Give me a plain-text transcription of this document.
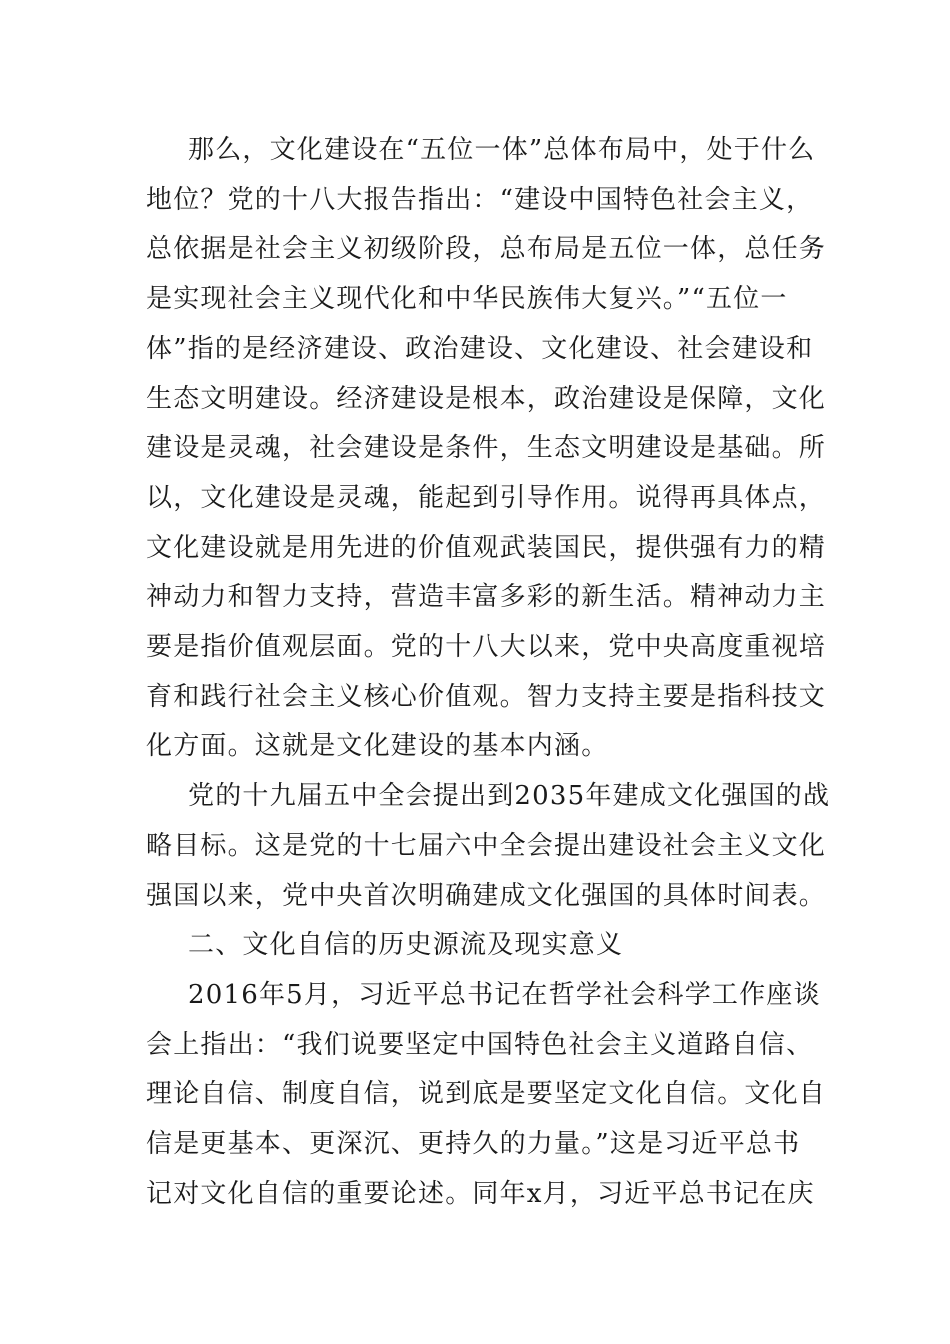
那么，文化建设在“五位一体”总体布局中，处于什么
地位？党的十八大报告指出：“建设中国特色社会主义，
总依据是社会主义初级阶段，总布局是五位一体，总任务
是实现社会主义现代化和中华民族伟大复兴。”“五位一
体”指的是经济建设、政治建设、文化建设、社会建设和
生态文明建设。经济建设是根本，政治建设是保障，文化
建设是灵魂，社会建设是条件，生态文明建设是基础。所
以，文化建设是灵魂，能起到引导作用。说得再具体点，
文化建设就是用先进的价值观武装国民，提供强有力的精
神动力和智力支持，营造丰富多彩的新生活。精神动力主
要是指价值观层面。党的十八大以来，党中央高度重视培
育和践行社会主义核心价值观。智力支持主要是指科技文
化方面。这就是文化建设的基本内涵。

党的十九届五中全会提出到2035年建成文化强国的战
略目标。这是党的十七届六中全会提出建设社会主义文化
强国以来，党中央首次明确建成文化强国的具体时间表。

二、文化自信的历史源流及现实意义

2016年5月，习近平总书记在哲学社会科学工作座谈
会上指出：“我们说要坚定中国特色社会主义道路自信、
理论自信、制度自信，说到底是要坚定文化自信。文化自
信是更基本、更深沉、更持久的力量。”这是习近平总书
记对文化自信的重要论述。同年x月，习近平总书记在庆
